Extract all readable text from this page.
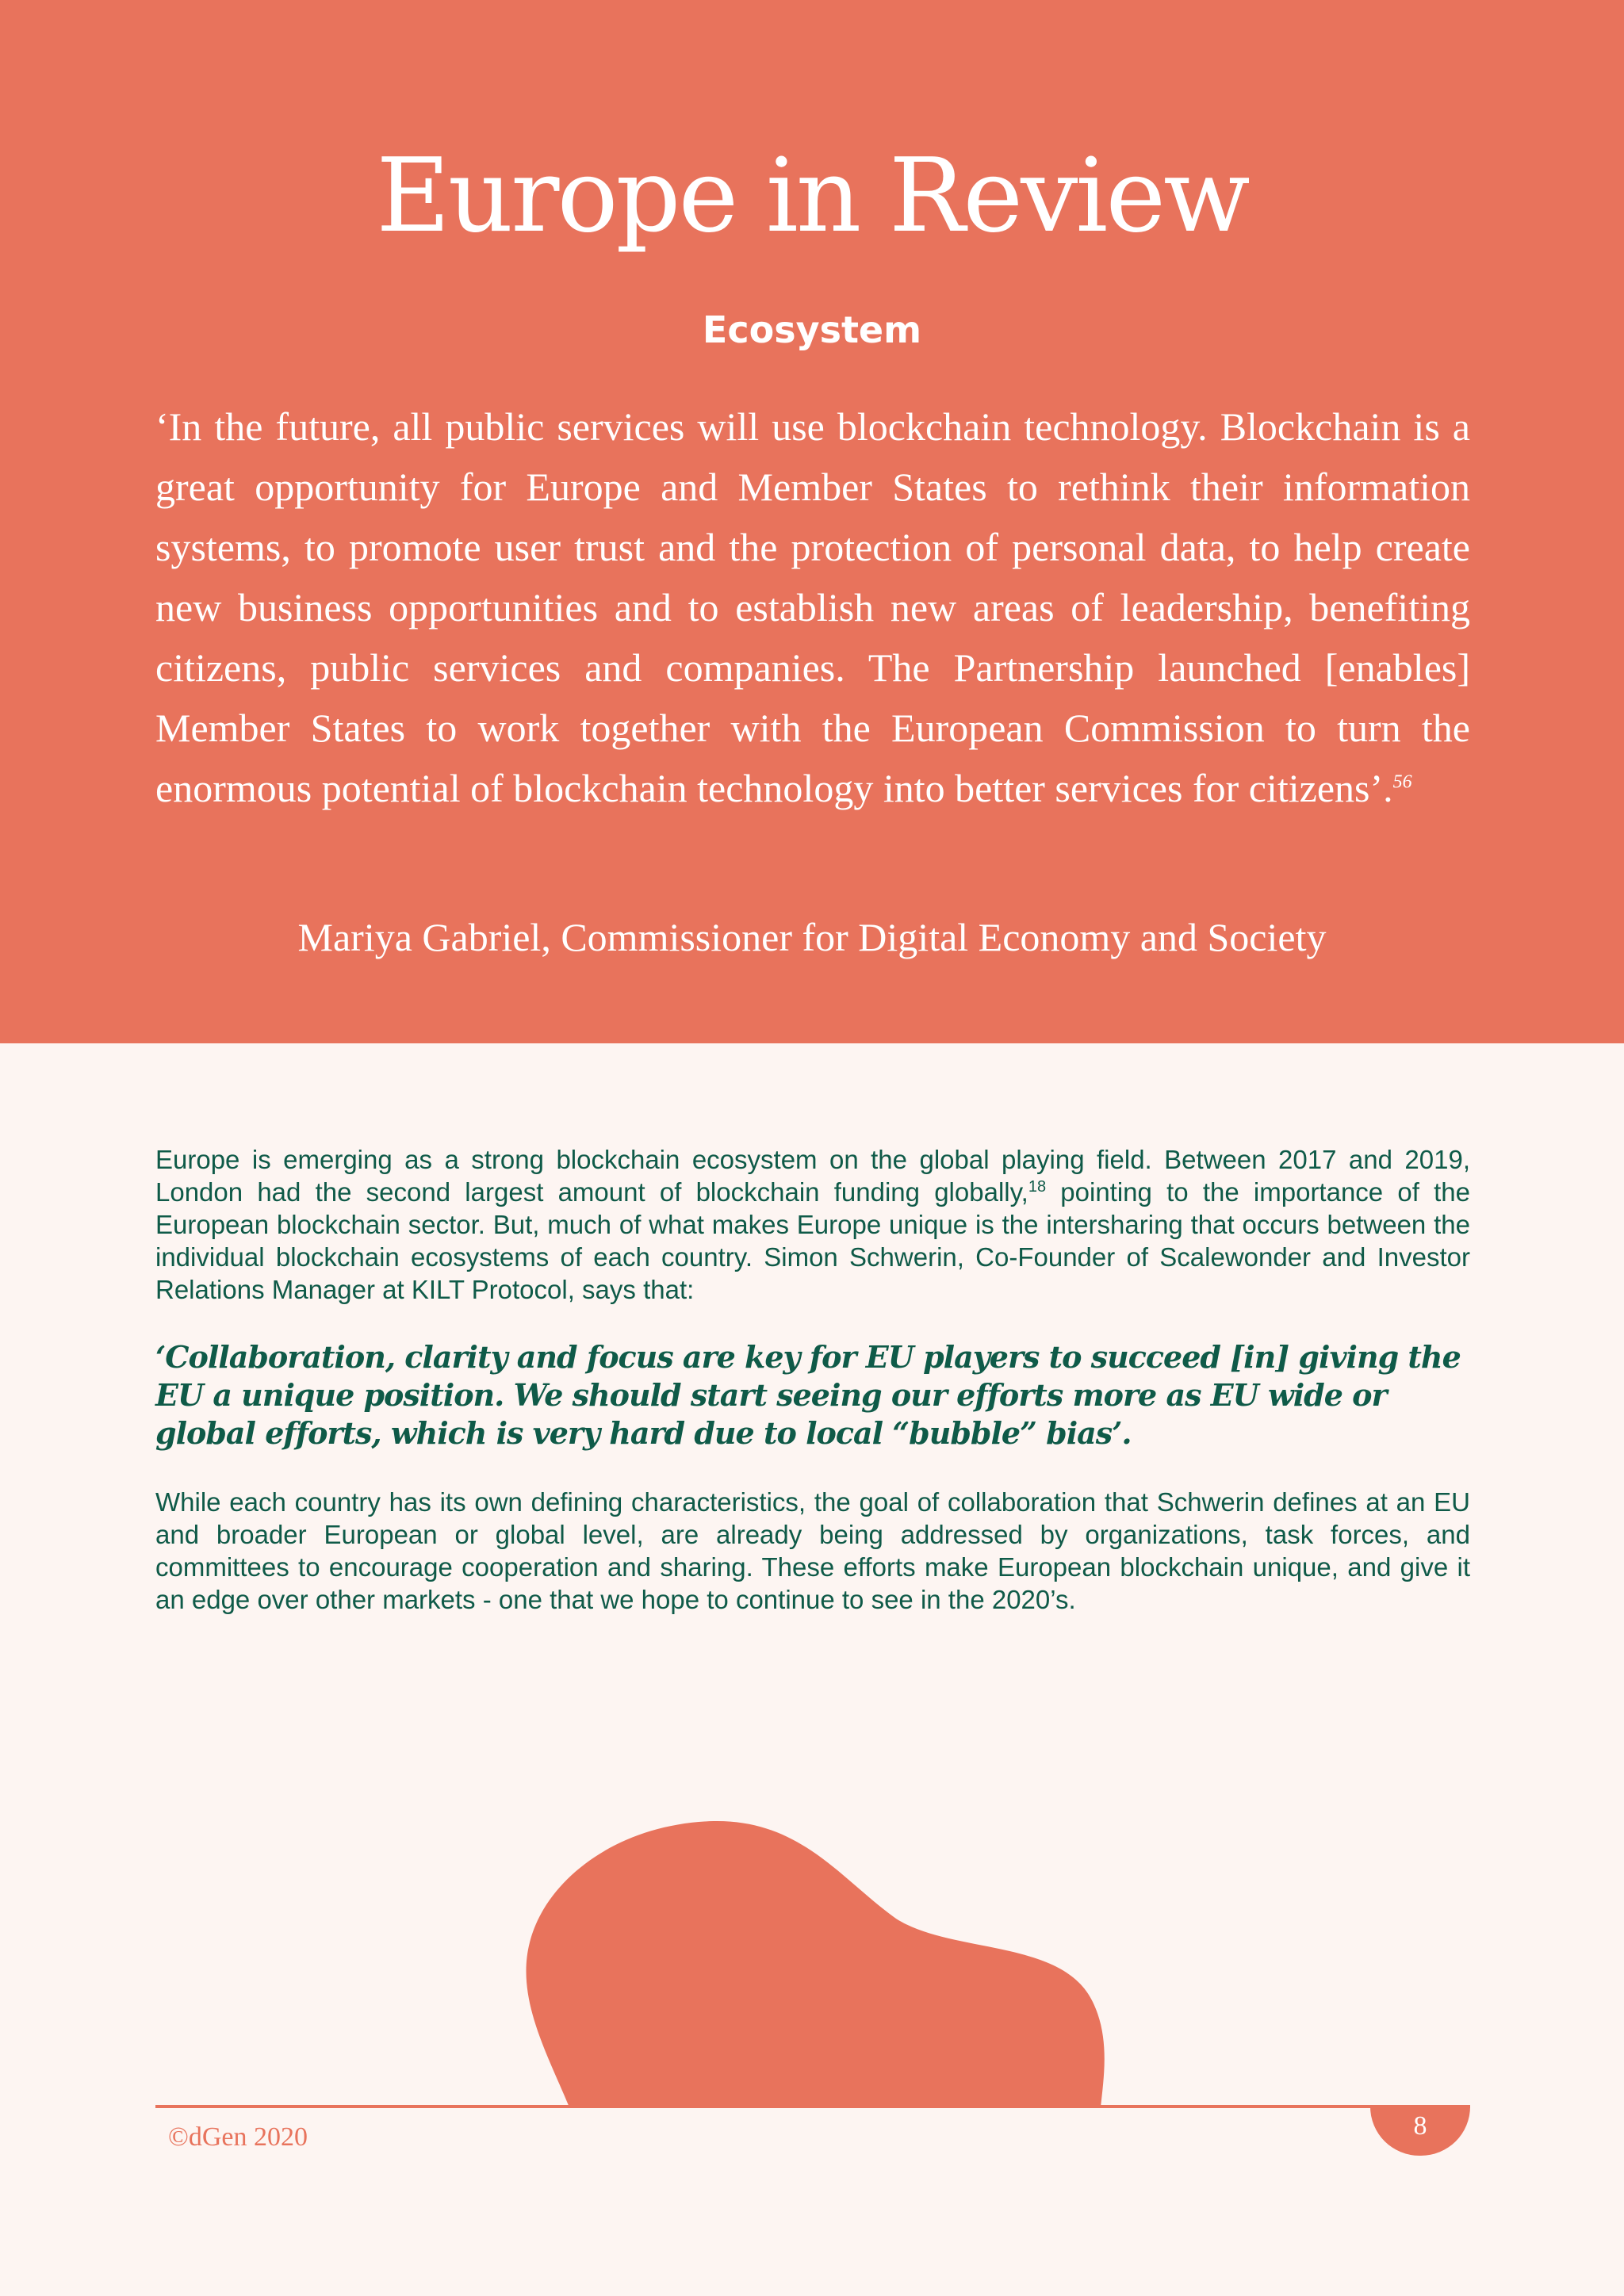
Europe in Review
Ecosystem

‘In the future, all public services will use blockchain technology. Blockchain is a great opportunity for Europe and Member States to rethink their information systems, to promote user trust and the protection of personal data, to help create new business opportunities and to establish new areas of leadership, benefiting citizens, public services and companies. The Partnership launched [enables] Member States to work together with the European Commission to turn the enormous potential of blockchain technology into better services for citizens’.$^{56}$

Mariya Gabriel, Commissioner for Digital Economy and Society

Europe is emerging as a strong blockchain ecosystem on the global playing field. Between 2017 and 2019, London had the second largest amount of blockchain funding globally,$^{18}$ pointing to the importance of the European blockchain sector. But, much of what makes Europe unique is the intersharing that occurs between the individual blockchain ecosystems of each country. Simon Schwerin, Co-Founder of Scalewonder and Investor Relations Manager at KILT Protocol, says that:

‘Collaboration, clarity and focus are key for EU players to succeed [in] giving the EU a unique position. We should start seeing our efforts more as EU wide or global efforts, which is very hard due to local “bubble” bias’.

While each country has its own defining characteristics, the goal of collaboration that Schwerin defines at an EU and broader European or global level, are already being addressed by organizations, task forces, and committees to encourage cooperation and sharing. These efforts make European blockchain unique, and give it an edge over other markets - one that we hope to continue to see in the 2020’s.

©dGen 2020	8
